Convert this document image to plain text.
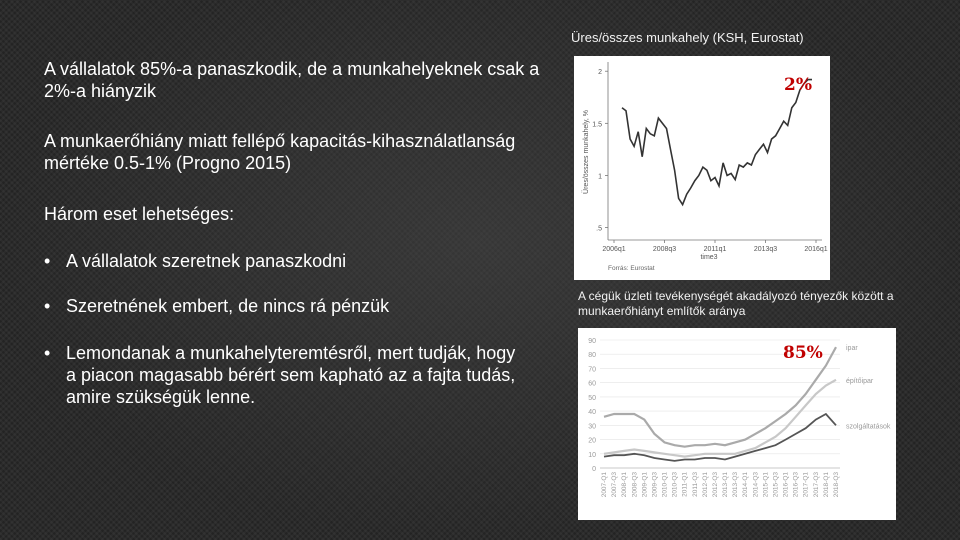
A vállalatok 85%-a panaszkodik, de a munkahelyeknek csak a 2%-a hiányzik

A munkaerőhiány miatt fellépő kapacitás-kihasználatlanság mértéke 0.5-1% (Progno 2015)

Három eset lehetséges:

• A vállalatok szeretnek panaszkodni
• Szeretnének embert, de nincs rá pénzük
• Lemondanak a munkahelyteremtésről, mert tudják, hogy a piacon magasabb bérért sem kapható az a fajta tudás, amire szükségük lenne.
Üres/összes munkahely (KSH, Eurostat)
.5
1
1.5
2
Üres/összes munkahely, %
2006q1	2008q3	2011q1	2013q3	2016q1
time3
Forrás: Eurostat
2%
A cégük üzleti tevékenységét akadályozó tényezők között a munkaerőhiányt említők aránya
0
10
20
30
40
50
60
70
80
90
2007-Q1 2007-Q3 2008-Q1 2008-Q3 2009-Q1 2009-Q3 2010-Q1 2010-Q3 2011-Q1 2011-Q3 2012-Q1 2012-Q3 2013-Q1 2013-Q3 2014-Q1 2014-Q3 2015-Q1 2015-Q3 2016-Q1 2016-Q3 2017-Q1 2017-Q3 2018-Q1 2018-Q3
ipar
építőipar
szolgáltatások
85%
